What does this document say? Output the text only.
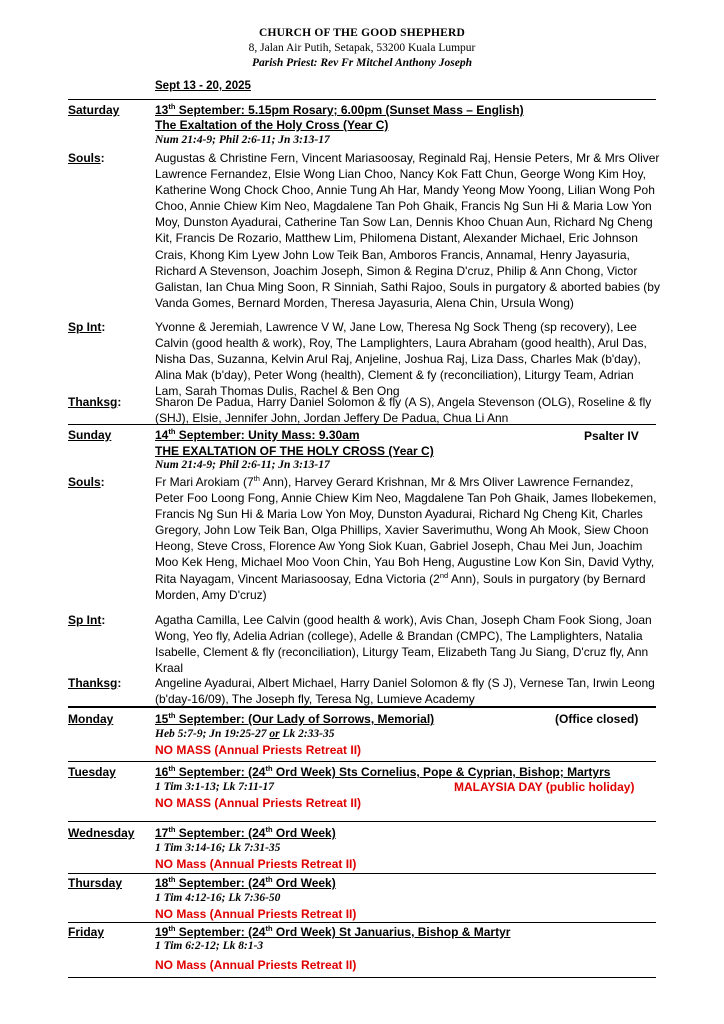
CHURCH OF THE GOOD SHEPHERD
8, Jalan Air Putih, Setapak, 53200 Kuala Lumpur
Parish Priest: Rev Fr Mitchel Anthony Joseph
Sept 13 - 20, 2025
Saturday	13th September: 5.15pm Rosary; 6.00pm (Sunset Mass – English)
The Exaltation of the Holy Cross (Year C)
Num 21:4-9; Phil 2:6-11; Jn 3:13-17
Souls:	Augustas & Christine Fern, Vincent Mariasoosay, Reginald Raj, Hensie Peters, Mr & Mrs Oliver Lawrence Fernandez, Elsie Wong Lian Choo, Nancy Kok Fatt Chun, George Wong Kim Hoy, Katherine Wong Chock Choo, Annie Tung Ah Har, Mandy Yeong Mow Yoong, Lilian Wong Poh Choo, Annie Chiew Kim Neo, Magdalene Tan Poh Ghaik, Francis Ng Sun Hi & Maria Low Yon Moy, Dunston Ayadurai, Catherine Tan Sow Lan, Dennis Khoo Chuan Aun, Richard Ng Cheng Kit, Francis De Rozario, Matthew Lim, Philomena Distant, Alexander Michael, Eric Johnson Crais, Khong Kim Lyew John Low Teik Ban, Amboros Francis, Annamal, Henry Jayasuria, Richard A Stevenson, Joachim Joseph, Simon & Regina D'cruz, Philip & Ann Chong, Victor Galistan, Ian Chua Ming Soon, R Sinniah, Sathi Rajoo, Souls in purgatory & aborted babies (by Vanda Gomes, Bernard Morden, Theresa Jayasuria, Alena Chin, Ursula Wong)
Sp Int:	Yvonne & Jeremiah, Lawrence V W, Jane Low, Theresa Ng Sock Theng (sp recovery), Lee Calvin (good health & work), Roy, The Lamplighters, Laura Abraham (good health), Arul Das, Nisha Das, Suzanna, Kelvin Arul Raj, Anjeline, Joshua Raj, Liza Dass, Charles Mak (b'day), Alina Mak (b'day), Peter Wong (health), Clement & fy (reconciliation), Liturgy Team, Adrian Lam, Sarah Thomas Dulis, Rachel & Ben Ong
Thanksg:	Sharon De Padua, Harry Daniel Solomon & fly (A S), Angela Stevenson (OLG), Roseline & fly (SHJ), Elsie, Jennifer John, Jordan Jeffery De Padua, Chua Li Ann
Sunday	14th September: Unity Mass: 9.30am	Psalter IV
THE EXALTATION OF THE HOLY CROSS (Year C)
Num 21:4-9; Phil 2:6-11; Jn 3:13-17
Souls:	Fr Mari Arokiam (7th Ann), Harvey Gerard Krishnan, Mr & Mrs Oliver Lawrence Fernandez, Peter Foo Loong Fong, Annie Chiew Kim Neo, Magdalene Tan Poh Ghaik, James Ilobekemen, Francis Ng Sun Hi & Maria Low Yon Moy, Dunston Ayadurai, Richard Ng Cheng Kit, Charles Gregory, John Low Teik Ban, Olga Phillips, Xavier Saverimuthu, Wong Ah Mook, Siew Choon Heong, Steve Cross, Florence Aw Yong Siok Kuan, Gabriel Joseph, Chau Mei Jun, Joachim Moo Kek Heng, Michael Moo Voon Chin, Yau Boh Heng, Augustine Low Kon Sin, David Vythy, Rita Nayagam, Vincent Mariasoosay, Edna Victoria (2nd Ann), Souls in purgatory (by Bernard Morden, Amy D'cruz)
Sp Int:	Agatha Camilla, Lee Calvin (good health & work), Avis Chan, Joseph Cham Fook Siong, Joan Wong, Yeo fly, Adelia Adrian (college), Adelle & Brandan (CMPC), The Lamplighters, Natalia Isabelle, Clement & fly (reconciliation), Liturgy Team, Elizabeth Tang Ju Siang, D'cruz fly, Ann Kraal
Thanksg:	Angeline Ayadurai, Albert Michael, Harry Daniel Solomon & fly (S J), Vernese Tan, Irwin Leong (b'day-16/09), The Joseph fly, Teresa Ng, Lumieve Academy
Monday	15th September: (Our Lady of Sorrows, Memorial)	(Office closed)
Heb 5:7-9; Jn 19:25-27 or Lk 2:33-35
NO MASS (Annual Priests Retreat II)
Tuesday	16th September: (24th Ord Week) Sts Cornelius, Pope & Cyprian, Bishop; Martyrs
1 Tim 3:1-13; Lk 7:11-17	MALAYSIA DAY (public holiday)
NO MASS (Annual Priests Retreat II)
Wednesday 17th September: (24th Ord Week)
1 Tim 3:14-16; Lk 7:31-35
NO Mass (Annual Priests Retreat II)
Thursday	18th September: (24th Ord Week)
1 Tim 4:12-16; Lk 7:36-50
NO Mass (Annual Priests Retreat II)
Friday	19th September: (24th Ord Week) St Januarius, Bishop & Martyr
1 Tim 6:2-12; Lk 8:1-3
NO Mass (Annual Priests Retreat II)
